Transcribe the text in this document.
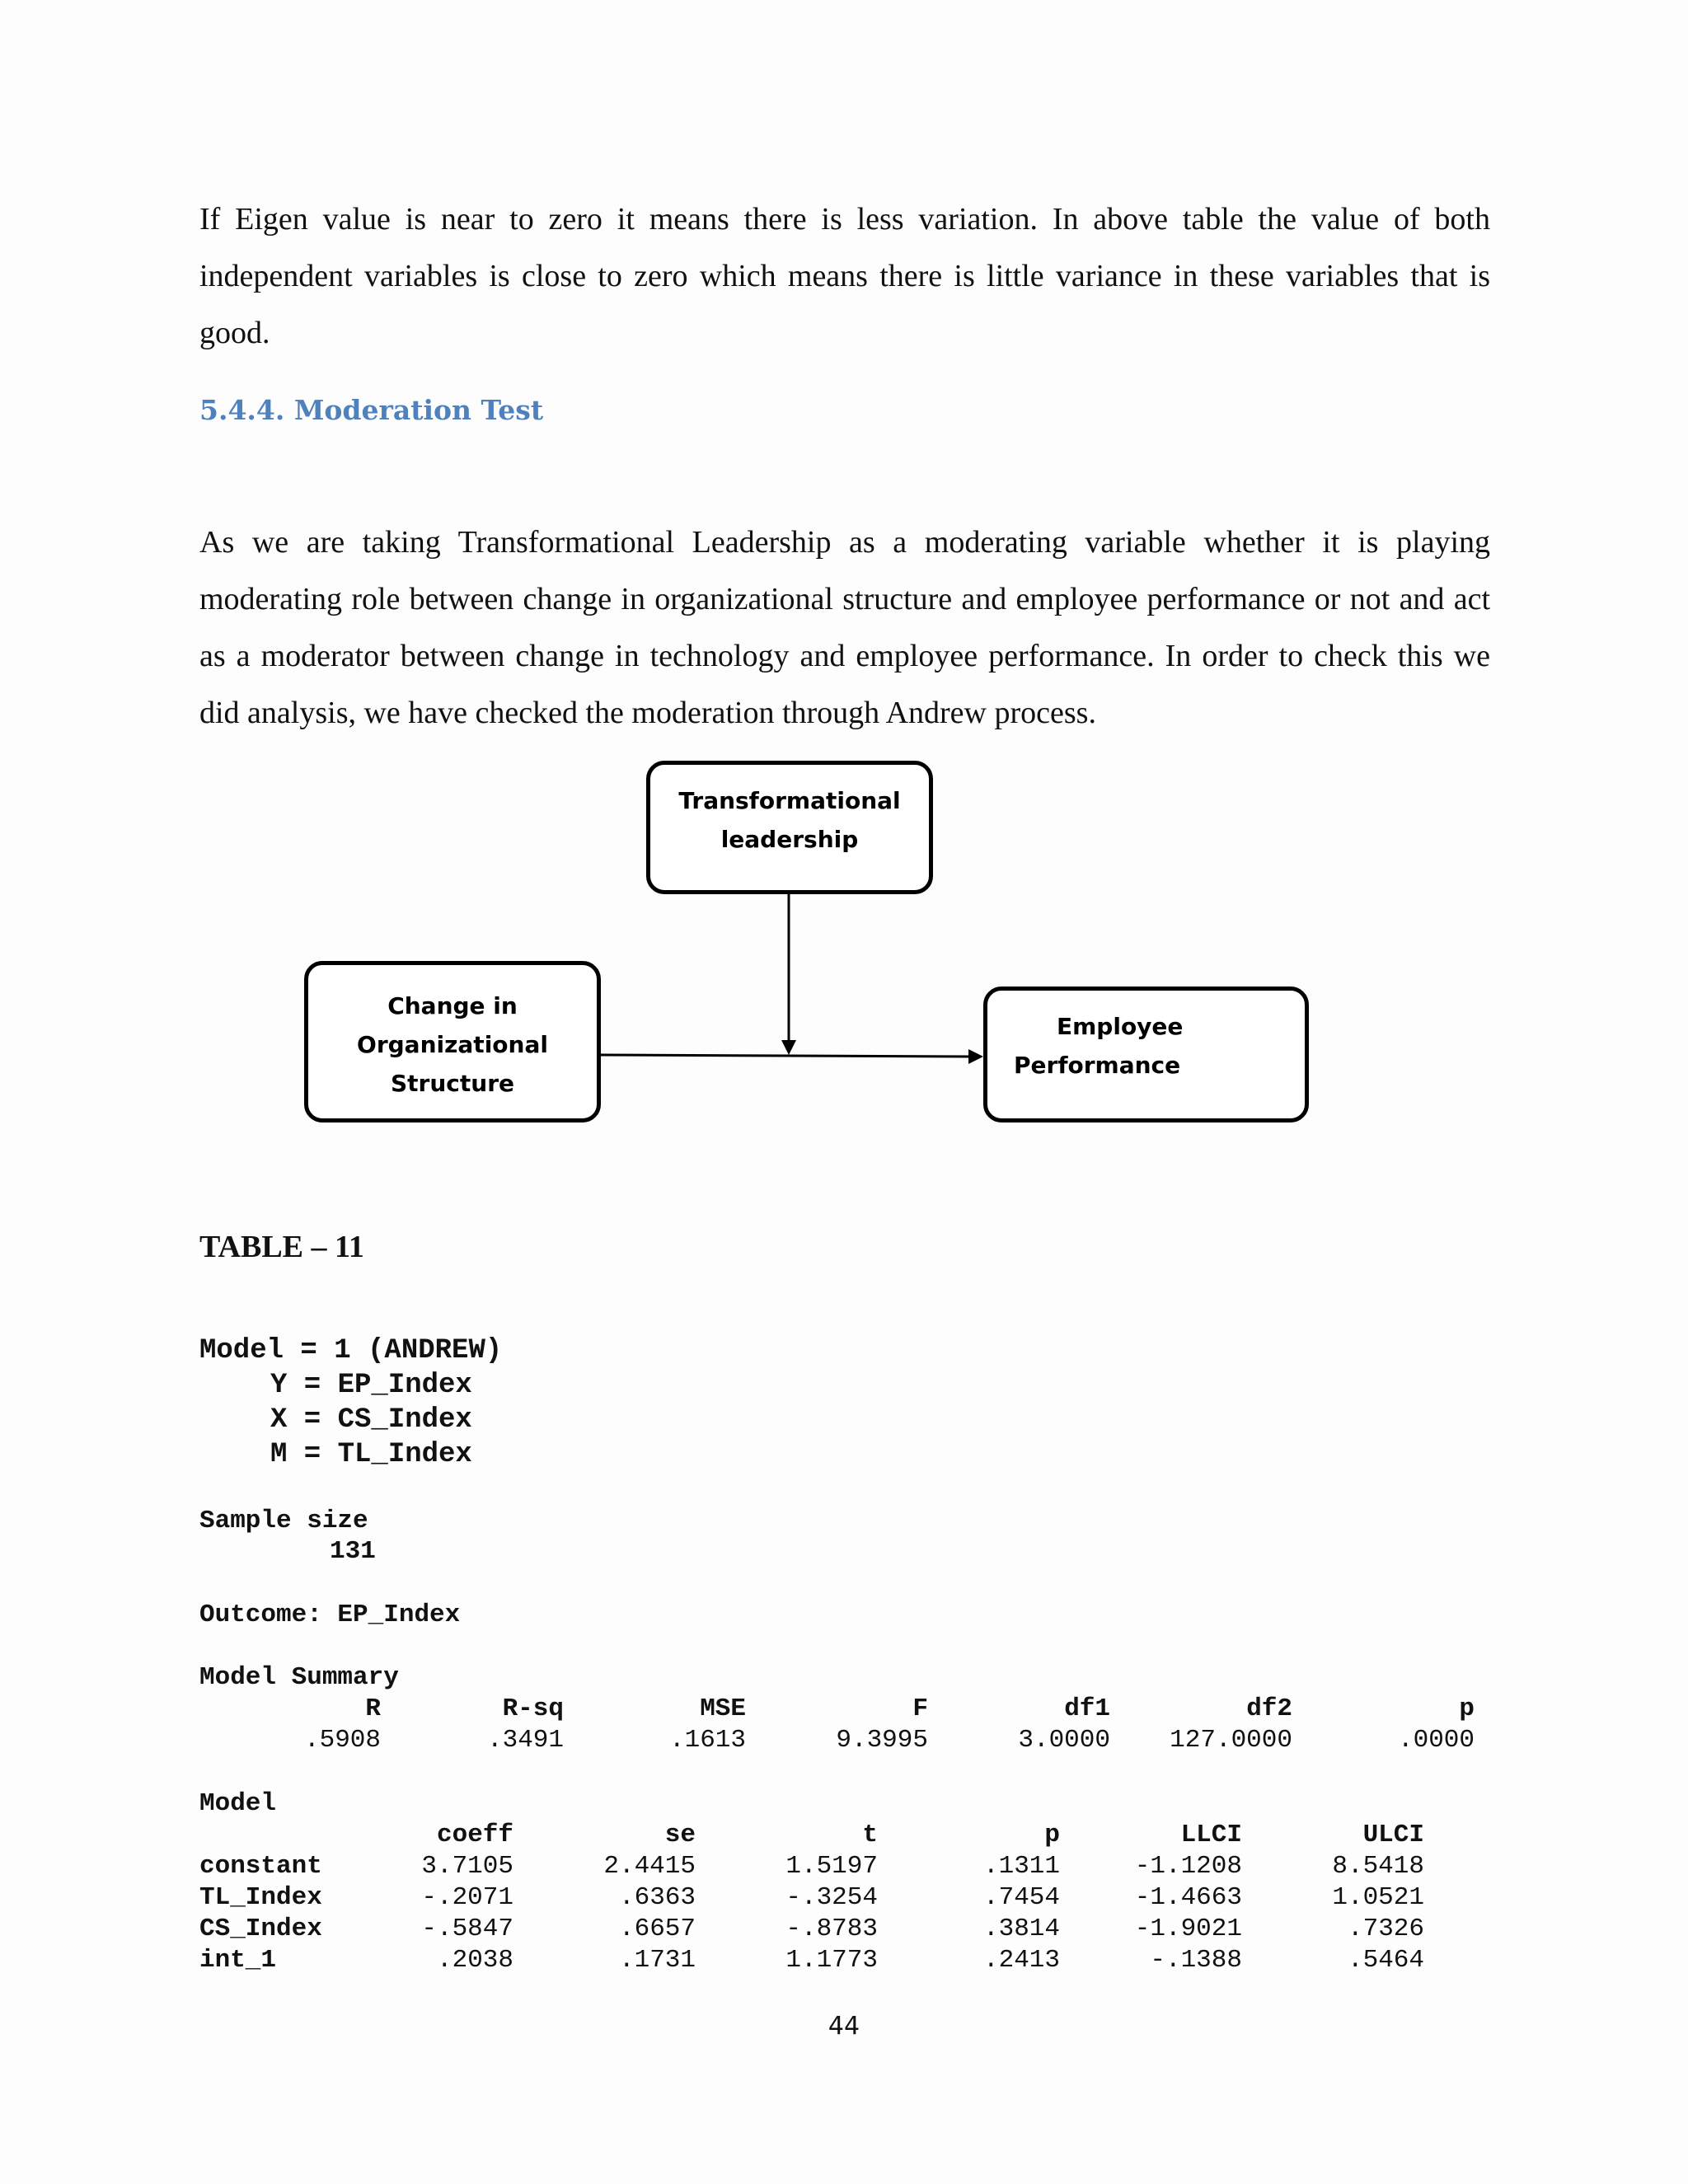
If Eigen value is near to zero it means there is less variation. In above table the value of both independent variables is close to zero which means there is little variance in these variables that is good.

5.4.4. Moderation Test

As we are taking Transformational Leadership as a moderating variable whether it is playing moderating role between change in organizational structure and employee performance or not and act as a moderator between change in technology and employee performance. In order to check this we did analysis, we have checked the moderation through Andrew process.

Transformational
leadership
Change in
Organizational
Structure
Employee
Performance
TABLE – 11

Model = 1 (ANDREW)

Y = EP_Index

X = CS_Index

M = TL_Index

Sample size

131

Outcome: EP_Index

Model Summary

R	R-sq	MSE	F	df1	df2	p

.5908	.3491	.1613	9.3995	3.0000	127.0000	.0000

Model

coeff	se	t	p	LLCI	ULCI

constant	3.7105	2.4415	1.5197	.1311	-1.1208	8.5418

TL_Index	-.2071	.6363	-.3254	.7454	-1.4663	1.0521

CS_Index	-.5847	.6657	-.8783	.3814	-1.9021	.7326

int_1	.2038	.1731	1.1773	.2413	-.1388	.5464

44
